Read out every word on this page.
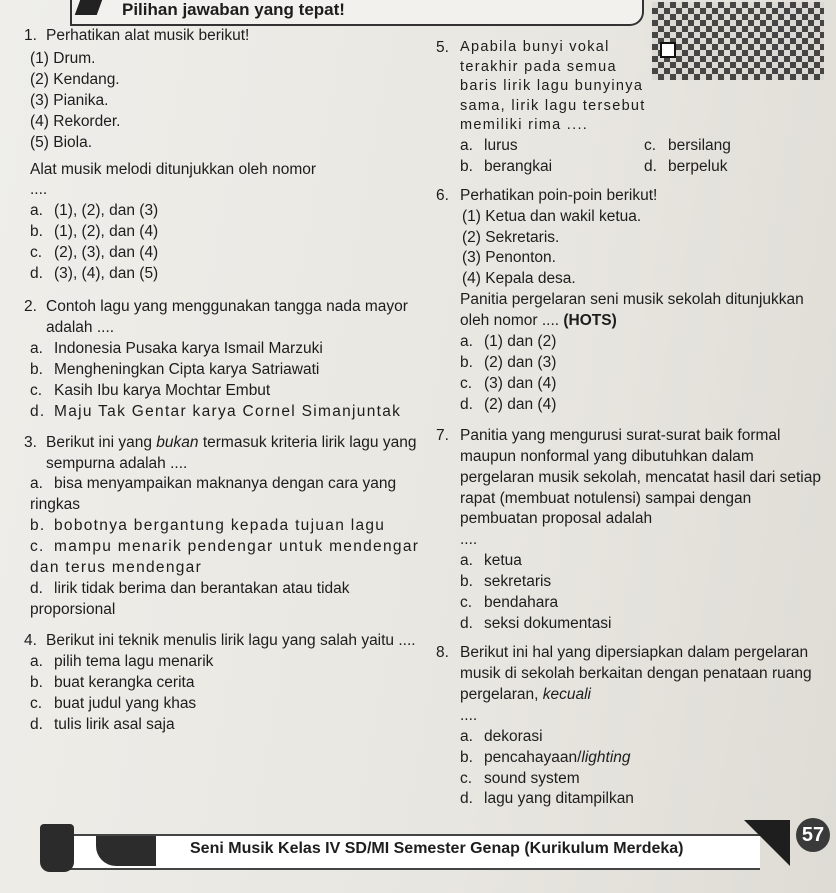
Pilihan jawaban yang tepat!
1. Perhatikan alat musik berikut!
(1) Drum.
(2) Kendang.
(3) Pianika.
(4) Rekorder.
(5) Biola.
Alat musik melodi ditunjukkan oleh nomor
....
a. (1), (2), dan (3)
b. (1), (2), dan (4)
c. (2), (3), dan (4)
d. (3), (4), dan (5)
2. Contoh lagu yang menggunakan tangga nada mayor adalah ....
a. Indonesia Pusaka karya Ismail Marzuki
b. Mengheningkan Cipta karya Satriawati
c. Kasih Ibu karya Mochtar Embut
d. Maju Tak Gentar karya Cornel Simanjuntak
3. Berikut ini yang bukan termasuk kriteria lirik lagu yang sempurna adalah ....
a. bisa menyampaikan maknanya dengan cara yang ringkas
b. bobotnya bergantung kepada tujuan lagu
c. mampu menarik pendengar untuk mendengar dan terus mendengar
d. lirik tidak berima dan berantakan atau tidak proporsional
4. Berikut ini teknik menulis lirik lagu yang salah yaitu ....
a. pilih tema lagu menarik
b. buat kerangka cerita
c. buat judul yang khas
d. tulis lirik asal saja
5. Apabila bunyi vokal terakhir pada semua baris lirik lagu bunyinya sama, lirik lagu tersebut memiliki rima ....
a. lurus	c. bersilang
b. berangkai	d. berpeluk
6. Perhatikan poin-poin berikut!
(1) Ketua dan wakil ketua.
(2) Sekretaris.
(3) Penonton.
(4) Kepala desa.
Panitia pergelaran seni musik sekolah ditunjukkan oleh nomor .... (HOTS)
a. (1) dan (2)
b. (2) dan (3)
c. (3) dan (4)
d. (2) dan (4)
7. Panitia yang mengurusi surat-surat baik formal maupun nonformal yang dibutuhkan dalam pergelaran musik sekolah, mencatat hasil dari setiap rapat (membuat notulensi) sampai dengan pembuatan proposal adalah
....
a. ketua
b. sekretaris
c. bendahara
d. seksi dokumentasi
8. Berikut ini hal yang dipersiapkan dalam pergelaran musik di sekolah berkaitan dengan penataan ruang pergelaran, kecuali
....
a. dekorasi
b. pencahayaan/lighting
c. sound system
d. lagu yang ditampilkan
Seni Musik Kelas IV SD/MI Semester Genap (Kurikulum Merdeka)
57
